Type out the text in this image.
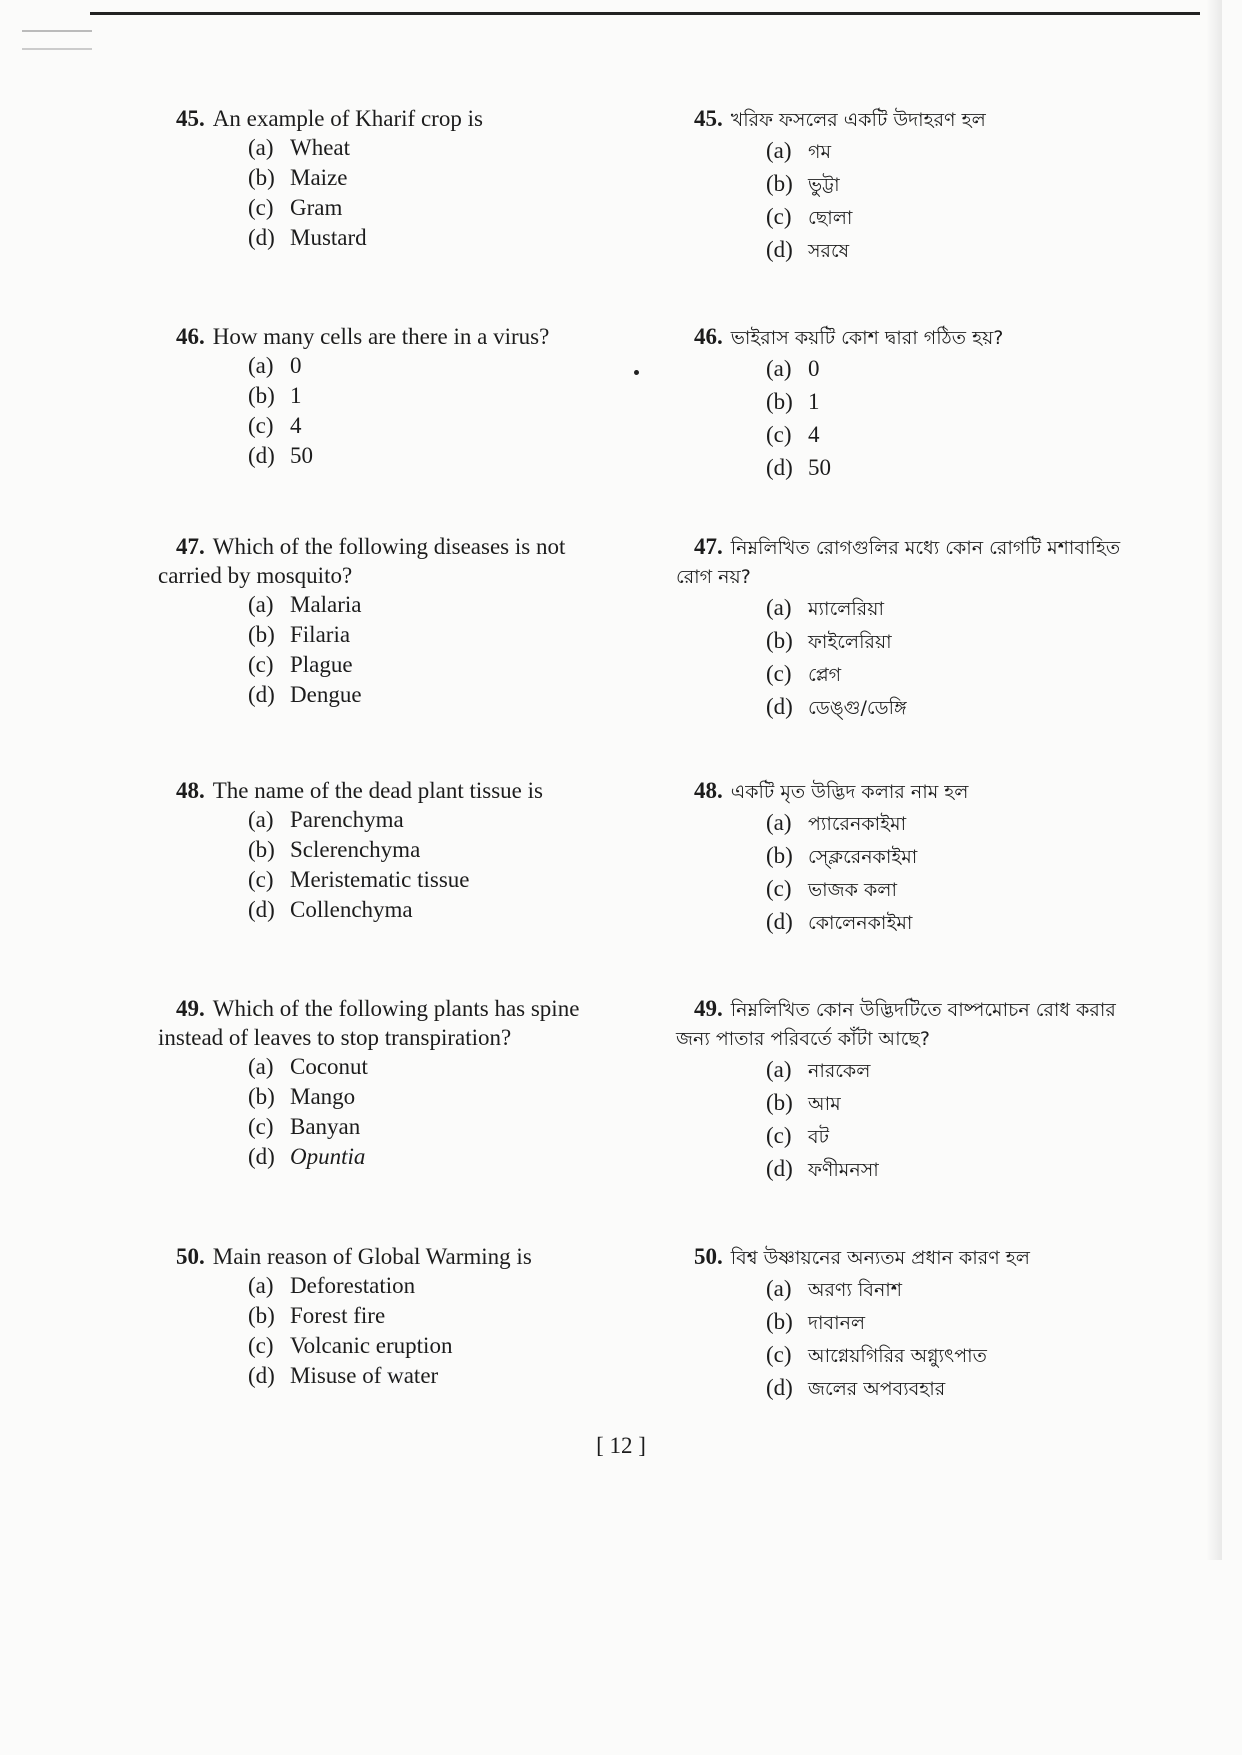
45. An example of Kharif crop is
(a) Wheat
(b) Maize
(c) Gram
(d) Mustard
46. How many cells are there in a virus?
(a) 0
(b) 1
(c) 4
(d) 50
47. Which of the following diseases is not
carried by mosquito?
(a) Malaria
(b) Filaria
(c) Plague
(d) Dengue
48. The name of the dead plant tissue is
(a) Parenchyma
(b) Sclerenchyma
(c) Meristematic tissue
(d) Collenchyma
49. Which of the following plants has spine
instead of leaves to stop transpiration?
(a) Coconut
(b) Mango
(c) Banyan
(d) Opuntia
50. Main reason of Global Warming is
(a) Deforestation
(b) Forest fire
(c) Volcanic eruption
(d) Misuse of water
45. খরিফ ফসলের একটি উদাহরণ হল
(a) গম
(b) ভুট্টা
(c) ছোলা
(d) সরষে
46. ভাইরাস কয়টি কোশ দ্বারা গঠিত হয়?
(a) 0
(b) 1
(c) 4
(d) 50
47. নিম্নলিখিত রোগগুলির মধ্যে কোন রোগটি মশাবাহিত
রোগ নয়?
(a) ম্যালেরিয়া
(b) ফাইলেরিয়া
(c) প্লেগ
(d) ডেঙ্গু/ডেঙ্গি
48. একটি মৃত উদ্ভিদ কলার নাম হল
(a) প্যারেনকাইমা
(b) স্ক্লেরেনকাইমা
(c) ভাজক কলা
(d) কোলেনকাইমা
49. নিম্নলিখিত কোন উদ্ভিদটিতে বাষ্পমোচন রোধ করার
জন্য পাতার পরিবর্তে কাঁটা আছে?
(a) নারকেল
(b) আম
(c) বট
(d) ফণীমনসা
50. বিশ্ব উষ্ণায়নের অন্যতম প্রধান কারণ হল
(a) অরণ্য বিনাশ
(b) দাবানল
(c) আগ্নেয়গিরির অগ্ন্যুৎপাত
(d) জলের অপব্যবহার
[ 12 ]
